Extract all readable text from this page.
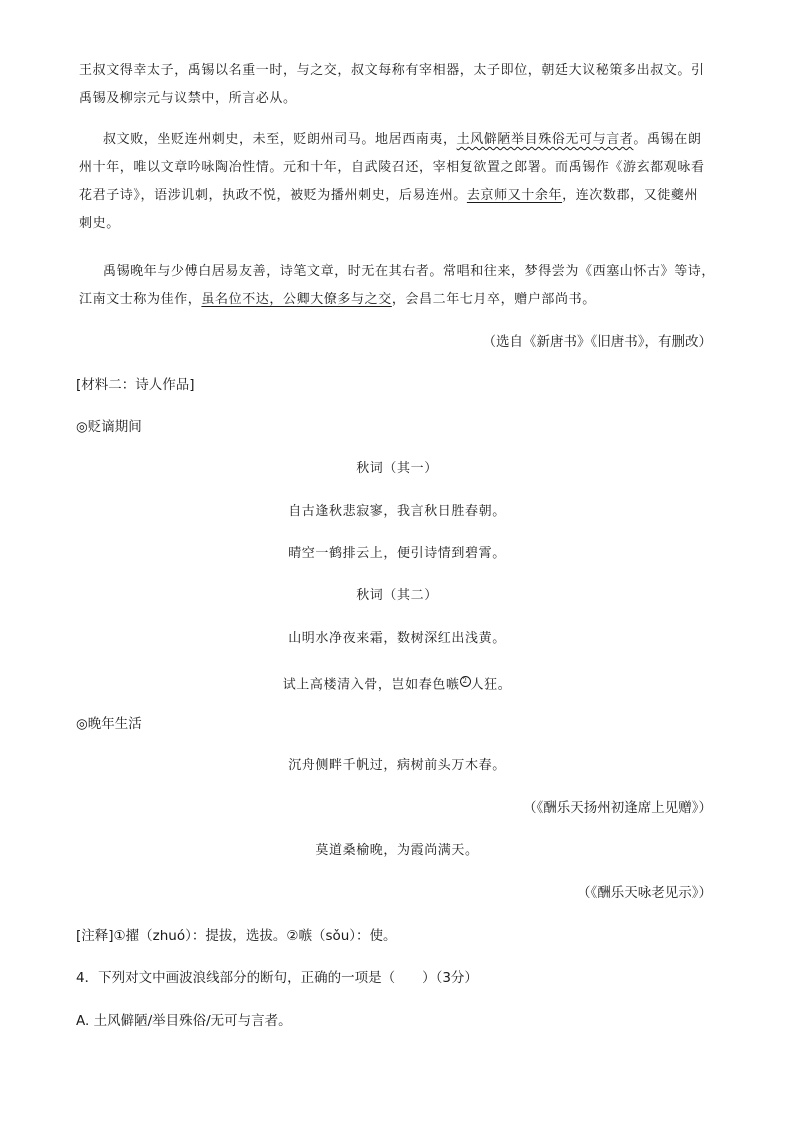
王叔文得幸太子，禹锡以名重一时，与之交，叔文每称有宰相器，太子即位，朝廷大议秘策多出叔文。引
禹锡及柳宗元与议禁中，所言必从。
叔文败，坐贬连州刺史，未至，贬朗州司马。地居西南夷，土风僻陋举目殊俗无可与言者。禹锡在朗
州十年，唯以文章吟咏陶冶性情。元和十年，自武陵召还，宰相复欲置之郎署。而禹锡作《游玄都观咏看
花君子诗》，语涉讥刺，执政不悦，被贬为播州刺史，后易连州。去京师又十余年，连次数郡，又徙夔州
刺史。
禹锡晚年与少傅白居易友善，诗笔文章，时无在其右者。常唱和往来，梦得尝为《西塞山怀古》等诗，
江南文士称为佳作，虽名位不达，公卿大僚多与之交，会昌二年七月卒，赠户部尚书。
（选自《新唐书》《旧唐书》，有删改）
[材料二：诗人作品]
◎贬谪期间
秋词（其一）
自古逢秋悲寂寥，我言秋日胜春朝。
晴空一鹤排云上，便引诗情到碧霄。
秋词（其二）
山明水净夜来霜，数树深红出浅黄。
试上高楼清入骨，岂如春色嗾 $^2$ 人狂。
◎晚年生活
沉舟侧畔千帆过，病树前头万木春。
（《酬乐天扬州初逢席上见赠》）
莫道桑榆晚，为霞尚满天。
（《酬乐天咏老见示》）
[注释]①擢（zhuó）：提拔，选拔。②嗾（sǒu）：使。
4．下列对文中画波浪线部分的断句，正确的一项是（　　）（3分）
A. 土风僻陋/举目殊俗/无可与言者。
